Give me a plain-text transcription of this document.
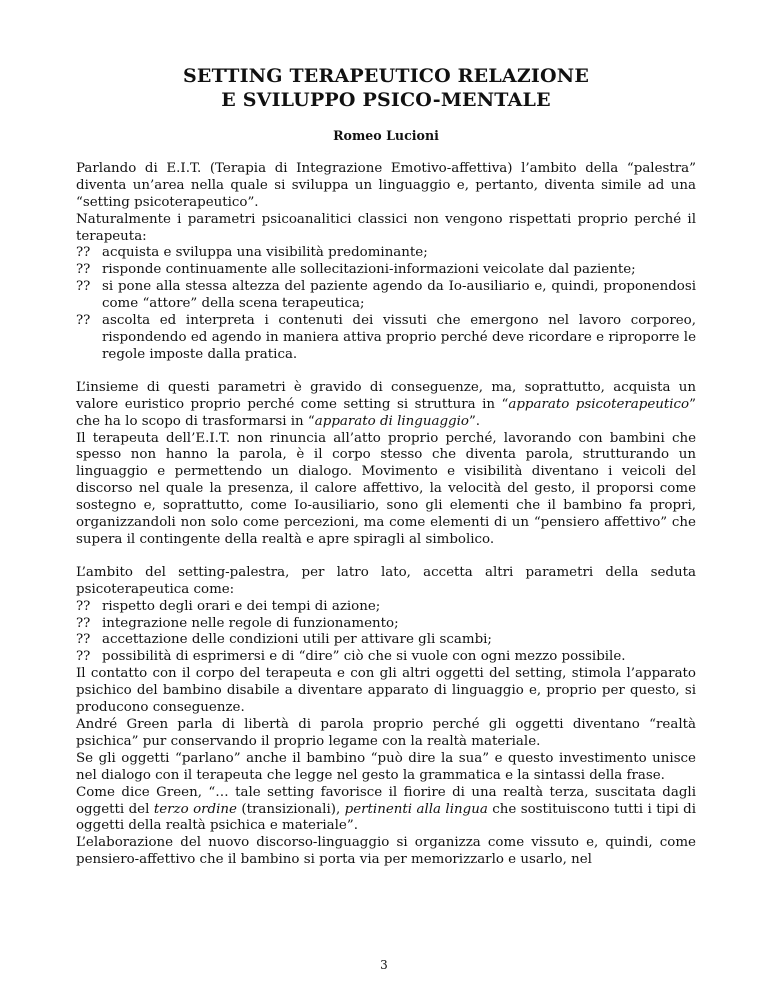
SETTING TERAPEUTICO RELAZIONE
E SVILUPPO PSICO-MENTALE
Romeo Lucioni

Parlando di E.I.T. (Terapia di Integrazione Emotivo-affettiva) l’ambito della “palestra” diventa un’area nella quale si sviluppa un linguaggio e, pertanto, diventa simile ad una “setting psicoterapeutico”.

Naturalmente i parametri psicoanalitici classici non vengono rispettati proprio perché il terapeuta:

?? acquista e sviluppa una visibilità predominante;
?? risponde continuamente alle sollecitazioni-informazioni veicolate dal paziente;
?? si pone alla stessa altezza del paziente agendo da Io-ausiliario e, quindi, proponendosi come “attore” della scena terapeutica;
?? ascolta ed interpreta i contenuti dei vissuti che emergono nel lavoro corporeo, rispondendo ed agendo in maniera attiva proprio perché deve ricordare e riproporre le regole imposte dalla pratica.

L’insieme di questi parametri è gravido di conseguenze, ma, soprattutto, acquista un valore euristico proprio perché come setting si struttura in “apparato psicoterapeutico” che ha lo scopo di trasformarsi in “apparato di linguaggio”.

Il terapeuta dell’E.I.T. non rinuncia all’atto proprio perché, lavorando con bambini che spesso non hanno la parola, è il corpo stesso che diventa parola, strutturando un linguaggio e permettendo un dialogo. Movimento e visibilità diventano i veicoli del discorso nel quale la presenza, il calore affettivo, la velocità del gesto, il proporsi come sostegno e, soprattutto, come Io-ausiliario, sono gli elementi che il bambino fa propri, organizzandoli non solo come percezioni, ma come elementi di un “pensiero affettivo” che supera il contingente della realtà e apre spiragli al simbolico.

L’ambito del setting-palestra, per latro lato, accetta altri parametri della seduta psicoterapeutica come:

?? rispetto degli orari e dei tempi di azione;
?? integrazione nelle regole di funzionamento;
?? accettazione delle condizioni utili per attivare gli scambi;
?? possibilità di esprimersi e di “dire” ciò che si vuole con ogni mezzo possibile.

Il contatto con il corpo del terapeuta e con gli altri oggetti del setting, stimola l’apparato psichico del bambino disabile a diventare apparato di linguaggio e, proprio per questo, si producono conseguenze.

André Green parla di libertà di parola proprio perché gli oggetti diventano “realtà psichica” pur conservando il proprio legame con la realtà materiale.

Se gli oggetti “parlano” anche il bambino “può dire la sua” e questo investimento unisce nel dialogo con il terapeuta che legge nel gesto la grammatica e la sintassi della frase.

Come dice Green, “… tale setting favorisce il fiorire di una realtà terza, suscitata dagli oggetti del terzo ordine (transizionali), pertinenti alla lingua che sostituiscono tutti i tipi di oggetti della realtà psichica e materiale”.

L’elaborazione del nuovo discorso-linguaggio si organizza come vissuto e, quindi, come pensiero-affettivo che il bambino si porta via per memorizzarlo e usarlo, nel

3
